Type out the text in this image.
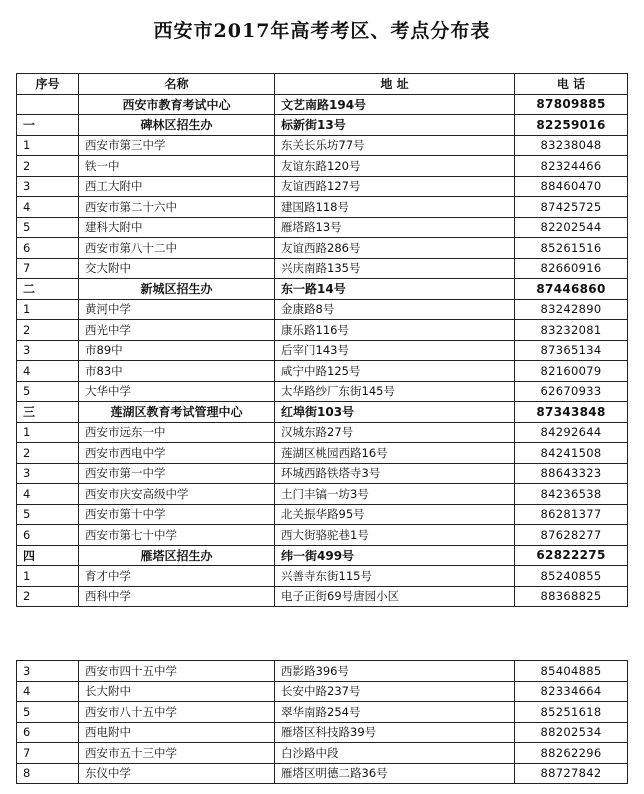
西安市2017年高考考区、考点分布表
序号	名称	地 址	电 话
	西安市教育考试中心	文艺南路194号	87809885
一	碑林区招生办	标新街13号	82259016
1	西安市第三中学	东关长乐坊77号	83238048
2	铁一中	友谊东路120号	82324466
3	西工大附中	友谊西路127号	88460470
4	西安市第二十六中	建国路118号	87425725
5	建科大附中	雁塔路13号	82202544
6	西安市第八十二中	友谊西路286号	85261516
7	交大附中	兴庆南路135号	82660916
二	新城区招生办	东一路14号	87446860
1	黄河中学	金康路8号	83242890
2	西光中学	康乐路116号	83232081
3	市89中	后宰门143号	87365134
4	市83中	咸宁中路125号	82160079
5	大华中学	太华路纱厂东街145号	62670933
三	莲湖区教育考试管理中心	红埠街103号	87343848
1	西安市远东一中	汉城东路27号	84292644
2	西安市西电中学	莲湖区桃园西路16号	84241508
3	西安市第一中学	环城西路铁塔寺3号	88643323
4	西安市庆安高级中学	土门丰镐一坊3号	84236538
5	西安市第十中学	北关振华路95号	86281377
6	西安市第七十中学	西大街骆驼巷1号	87628277
四	雁塔区招生办	纬一街499号	62822275
1	育才中学	兴善寺东街115号	85240855
2	西科中学	电子正街69号唐园小区	88368825
3	西安市四十五中学	西影路396号	85404885
4	长大附中	长安中路237号	82334664
5	西安市八十五中学	翠华南路254号	85251618
6	西电附中	雁塔区科技路39号	88202534
7	西安市五十三中学	白沙路中段	88262296
8	东仪中学	雁塔区明德二路36号	88727842
